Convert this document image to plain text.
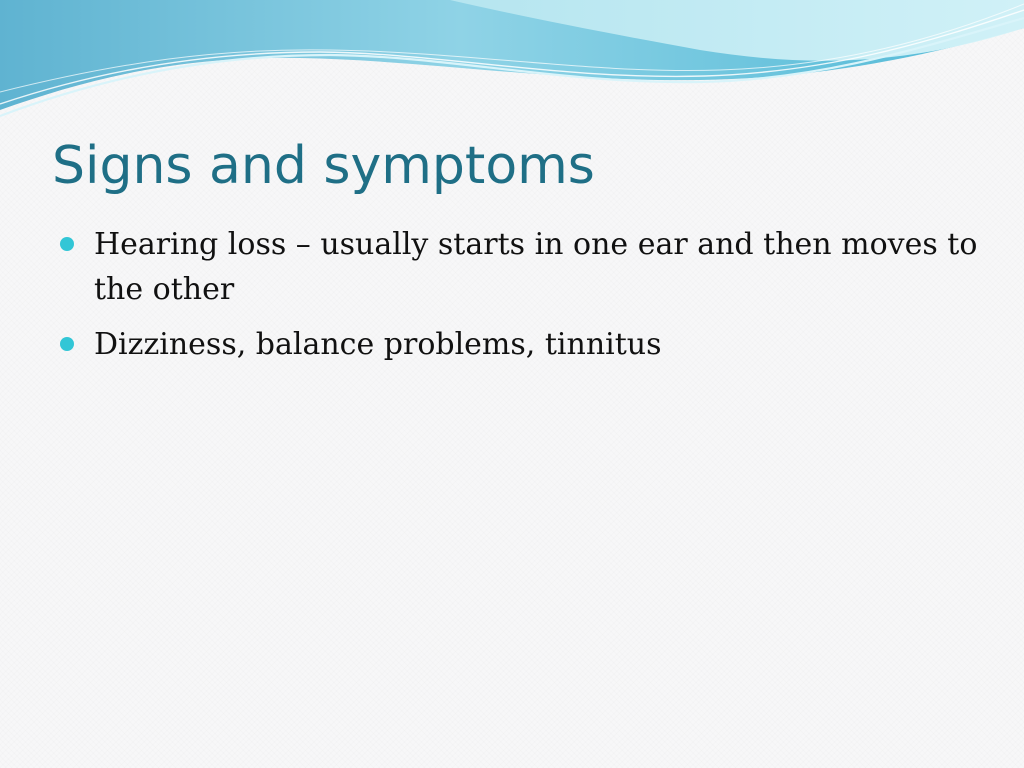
Signs and symptoms
Hearing loss – usually starts in one ear and then moves to the other
Dizziness, balance problems, tinnitus
